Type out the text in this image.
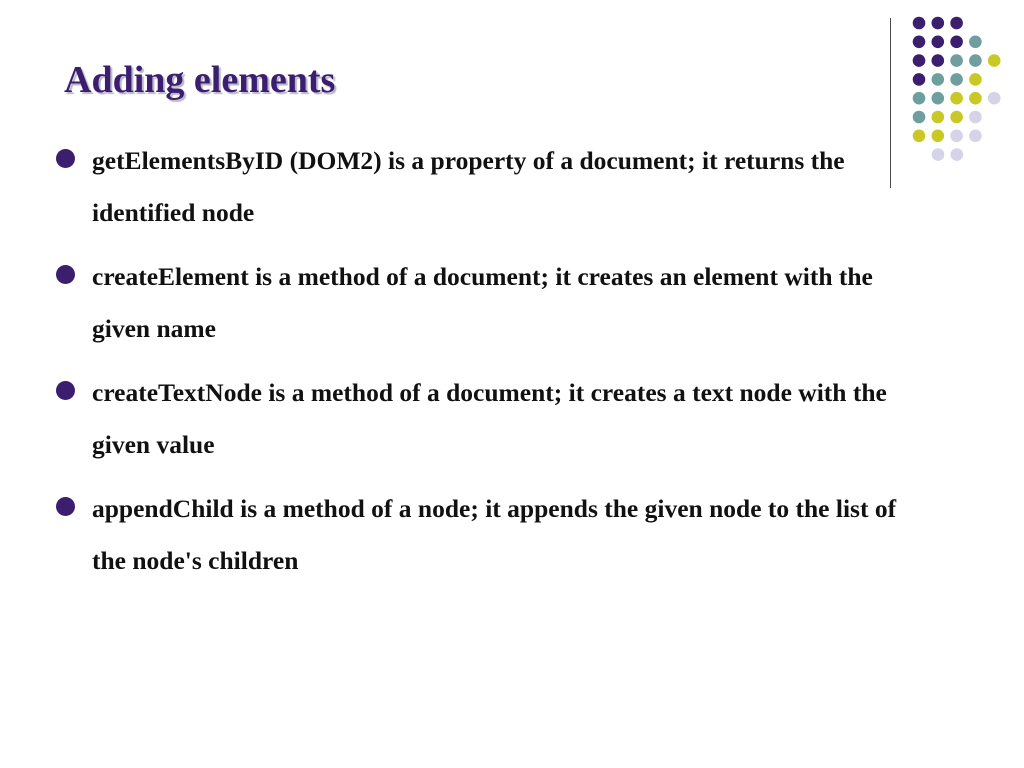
Adding elements
getElementsByID (DOM2) is a property of a document; it returns the identified node
createElement is a method of a document; it creates an element with the given name
createTextNode is a method of a document; it creates a text node with the given value
appendChild is a method of a node; it appends the given node to the list of the node's children
